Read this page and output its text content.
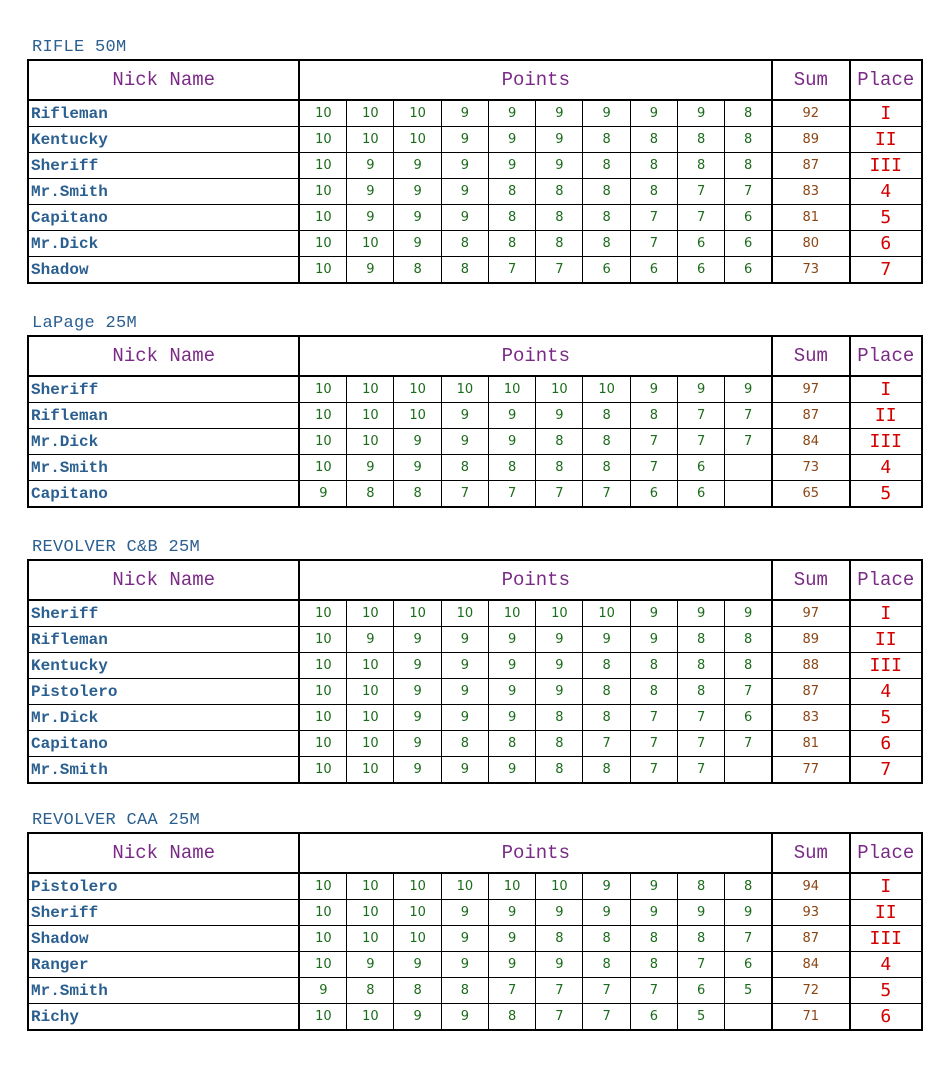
RIFLE 50M
Nick Name	Points										Sum	Place
Rifleman	10	10	10	9	9	9	9	9	9	8	92	I
Kentucky	10	10	10	9	9	9	8	8	8	8	89	II
Sheriff	10	9	9	9	9	9	8	8	8	8	87	III
Mr.Smith	10	9	9	9	8	8	8	8	7	7	83	4
Capitano	10	9	9	9	8	8	8	7	7	6	81	5
Mr.Dick	10	10	9	8	8	8	8	7	6	6	80	6
Shadow	10	9	8	8	7	7	6	6	6	6	73	7
LaPage 25M
Nick Name	Points										Sum	Place
Sheriff	10	10	10	10	10	10	10	9	9	9	97	I
Rifleman	10	10	10	9	9	9	8	8	7	7	87	II
Mr.Dick	10	10	9	9	9	8	8	7	7	7	84	III
Mr.Smith	10	9	9	8	8	8	8	7	6		73	4
Capitano	9	8	8	7	7	7	7	6	6		65	5
REVOLVER C&B 25M
Nick Name	Points										Sum	Place
Sheriff	10	10	10	10	10	10	10	9	9	9	97	I
Rifleman	10	9	9	9	9	9	9	9	8	8	89	II
Kentucky	10	10	9	9	9	9	8	8	8	8	88	III
Pistolero	10	10	9	9	9	9	8	8	8	7	87	4
Mr.Dick	10	10	9	9	9	8	8	7	7	6	83	5
Capitano	10	10	9	8	8	8	7	7	7	7	81	6
Mr.Smith	10	10	9	9	9	8	8	7	7		77	7
REVOLVER CAA 25M
Nick Name	Points										Sum	Place
Pistolero	10	10	10	10	10	10	9	9	8	8	94	I
Sheriff	10	10	10	9	9	9	9	9	9	9	93	II
Shadow	10	10	10	9	9	8	8	8	8	7	87	III
Ranger	10	9	9	9	9	9	8	8	7	6	84	4
Mr.Smith	9	8	8	8	7	7	7	7	6	5	72	5
Richy	10	10	9	9	8	7	7	6	5		71	6
